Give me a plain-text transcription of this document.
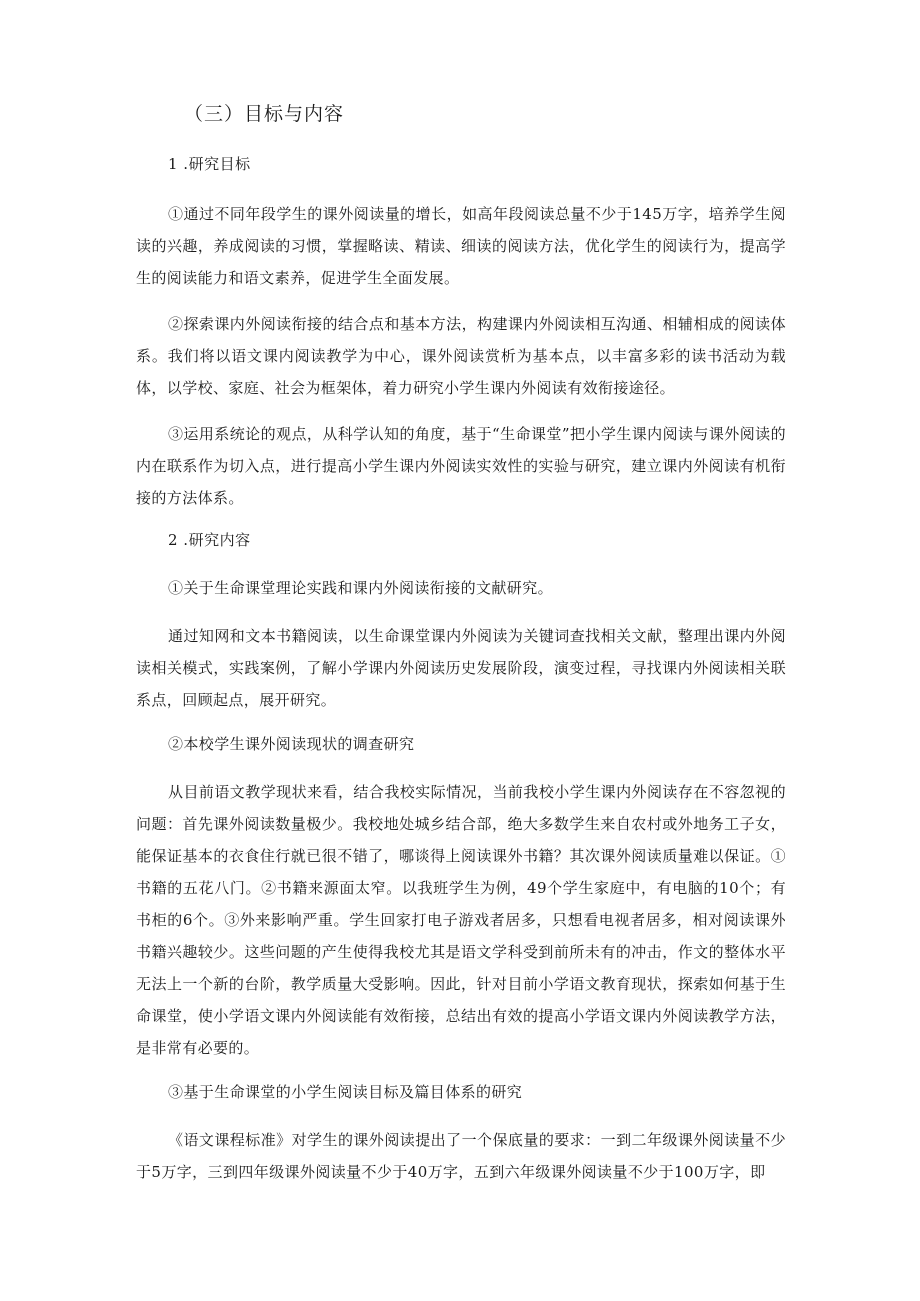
（三）目标与内容
1 .研究目标

①通过不同年段学生的课外阅读量的增长，如高年段阅读总量不少于145万字，培养学生阅读的兴趣，养成阅读的习惯，掌握略读、精读、细读的阅读方法，优化学生的阅读行为，提高学生的阅读能力和语文素养，促进学生全面发展。

②探索课内外阅读衔接的结合点和基本方法，构建课内外阅读相互沟通、相辅相成的阅读体系。我们将以语文课内阅读教学为中心，课外阅读赏析为基本点，以丰富多彩的读书活动为载体，以学校、家庭、社会为框架体，着力研究小学生课内外阅读有效衔接途径。

③运用系统论的观点，从科学认知的角度，基于“生命课堂”把小学生课内阅读与课外阅读的内在联系作为切入点，进行提高小学生课内外阅读实效性的实验与研究，建立课内外阅读有机衔接的方法体系。

2 .研究内容
①关于生命课堂理论实践和课内外阅读衔接的文献研究。

通过知网和文本书籍阅读，以生命课堂课内外阅读为关键词查找相关文献，整理出课内外阅读相关模式，实践案例，了解小学课内外阅读历史发展阶段，演变过程，寻找课内外阅读相关联系点，回顾起点，展开研究。

②本校学生课外阅读现状的调查研究

从目前语文教学现状来看，结合我校实际情况，当前我校小学生课内外阅读存在不容忽视的问题：首先课外阅读数量极少。我校地处城乡结合部，绝大多数学生来自农村或外地务工子女，能保证基本的衣食住行就已很不错了，哪谈得上阅读课外书籍？其次课外阅读质量难以保证。①书籍的五花八门。②书籍来源面太窄。以我班学生为例，49个学生家庭中，有电脑的10个；有书柜的6个。③外来影响严重。学生回家打电子游戏者居多，只想看电视者居多，相对阅读课外书籍兴趣较少。这些问题的产生使得我校尤其是语文学科受到前所未有的冲击，作文的整体水平无法上一个新的台阶，教学质量大受影响。因此，针对目前小学语文教育现状，探索如何基于生命课堂，使小学语文课内外阅读能有效衔接，总结出有效的提高小学语文课内外阅读教学方法，是非常有必要的。

③基于生命课堂的小学生阅读目标及篇目体系的研究

《语文课程标准》对学生的课外阅读提出了一个保底量的要求：一到二年级课外阅读量不少于5万字，三到四年级课外阅读量不少于40万字，五到六年级课外阅读量不少于100万字，即
